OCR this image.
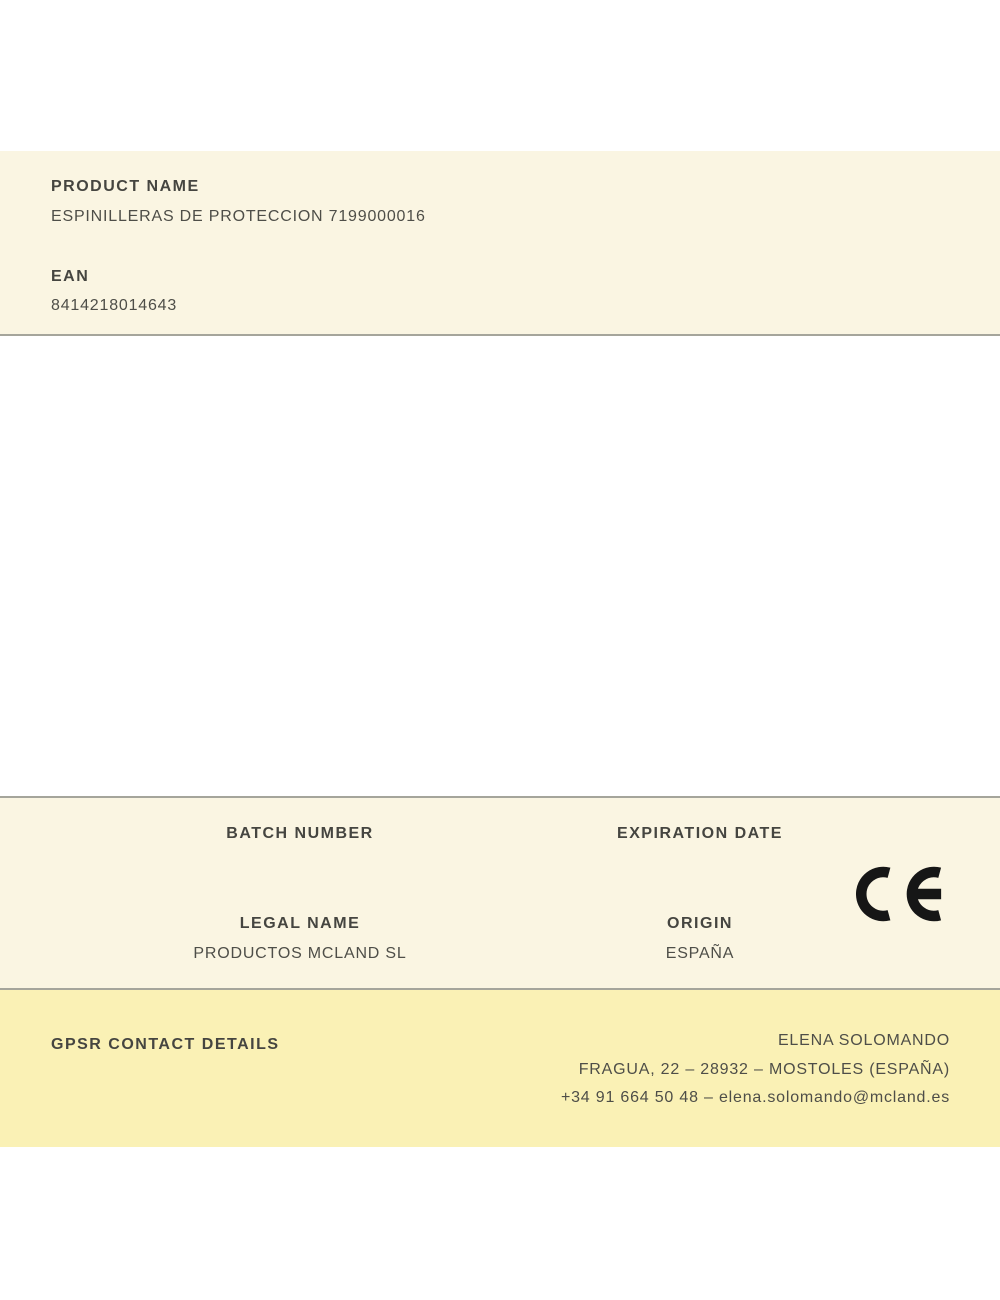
PRODUCT NAME
ESPINILLERAS DE PROTECCION 7199000016
EAN
8414218014643
BATCH NUMBER
LEGAL NAME
PRODUCTOS MCLAND SL
EXPIRATION DATE
ORIGIN
ESPAÑA
GPSR CONTACT DETAILS	ELENA SOLOMANDO
FRAGUA, 22 – 28932 – MOSTOLES (ESPAÑA)
+34 91 664 50 48 – elena.solomando@mcland.es
